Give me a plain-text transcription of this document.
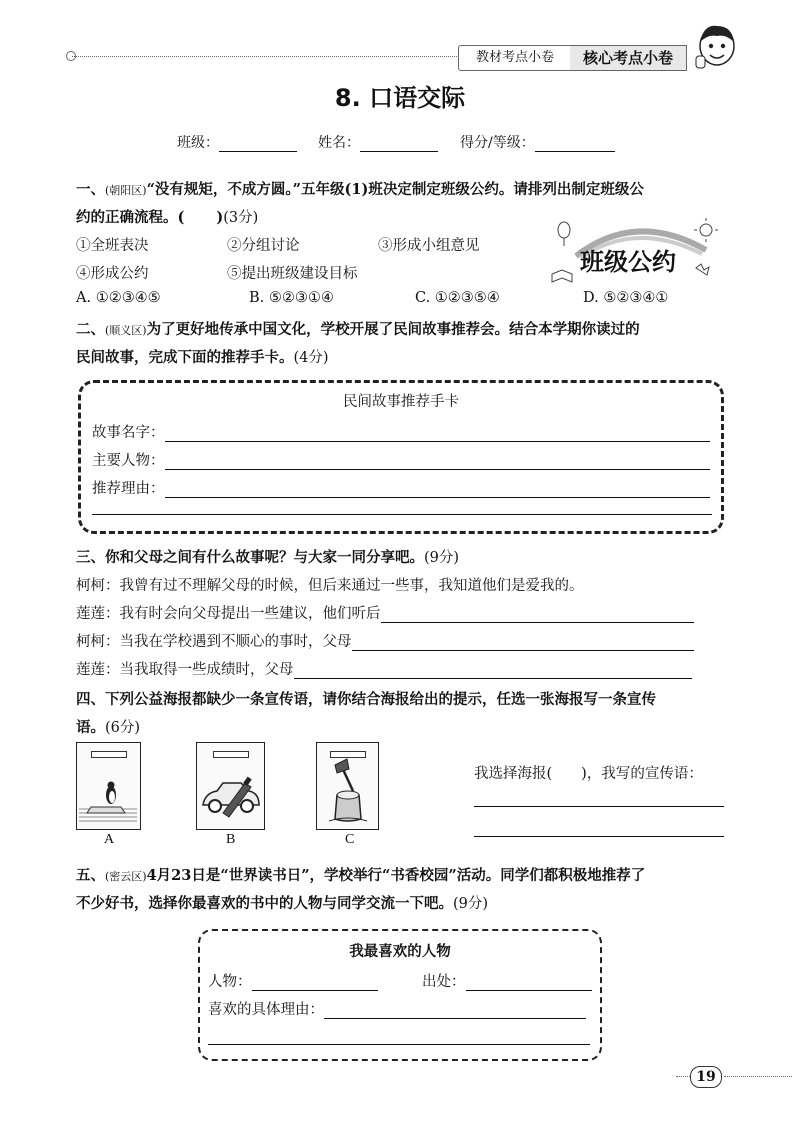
教材考点小卷	核心考点小卷
8. 口语交际
班级：	姓名：	得分/等级：
一、(朝阳区)“没有规矩，不成方圆。”五年级(1)班决定制定班级公约。请排列出制定班级公
约的正确流程。( )(3分)
①全班表决	②分组讨论	③形成小组意见
④形成公约	⑤提出班级建设目标
A. ①②③④⑤	B. ⑤②③①④	C. ①②③⑤④	D. ⑤②③④①
班级公约
二、(顺义区)为了更好地传承中国文化，学校开展了民间故事推荐会。结合本学期你读过的
民间故事，完成下面的推荐手卡。(4分)
民间故事推荐手卡
故事名字：
主要人物：
推荐理由：
三、你和父母之间有什么故事呢？与大家一同分享吧。(9分)
柯柯：我曾有过不理解父母的时候，但后来通过一些事，我知道他们是爱我的。
莲莲：我有时会向父母提出一些建议，他们听后
柯柯：当我在学校遇到不顺心的事时，父母
莲莲：当我取得一些成绩时，父母
四、下列公益海报都缺少一条宣传语，请你结合海报给出的提示，任选一张海报写一条宣传
语。(6分)
A	B	C
我选择海报(　　)，我写的宣传语：
五、(密云区)4月23日是“世界读书日”，学校举行“书香校园”活动。同学们都积极地推荐了
不少好书，选择你最喜欢的书中的人物与同学交流一下吧。(9分)
我最喜欢的人物
人物：	出处：
喜欢的具体理由：
19
